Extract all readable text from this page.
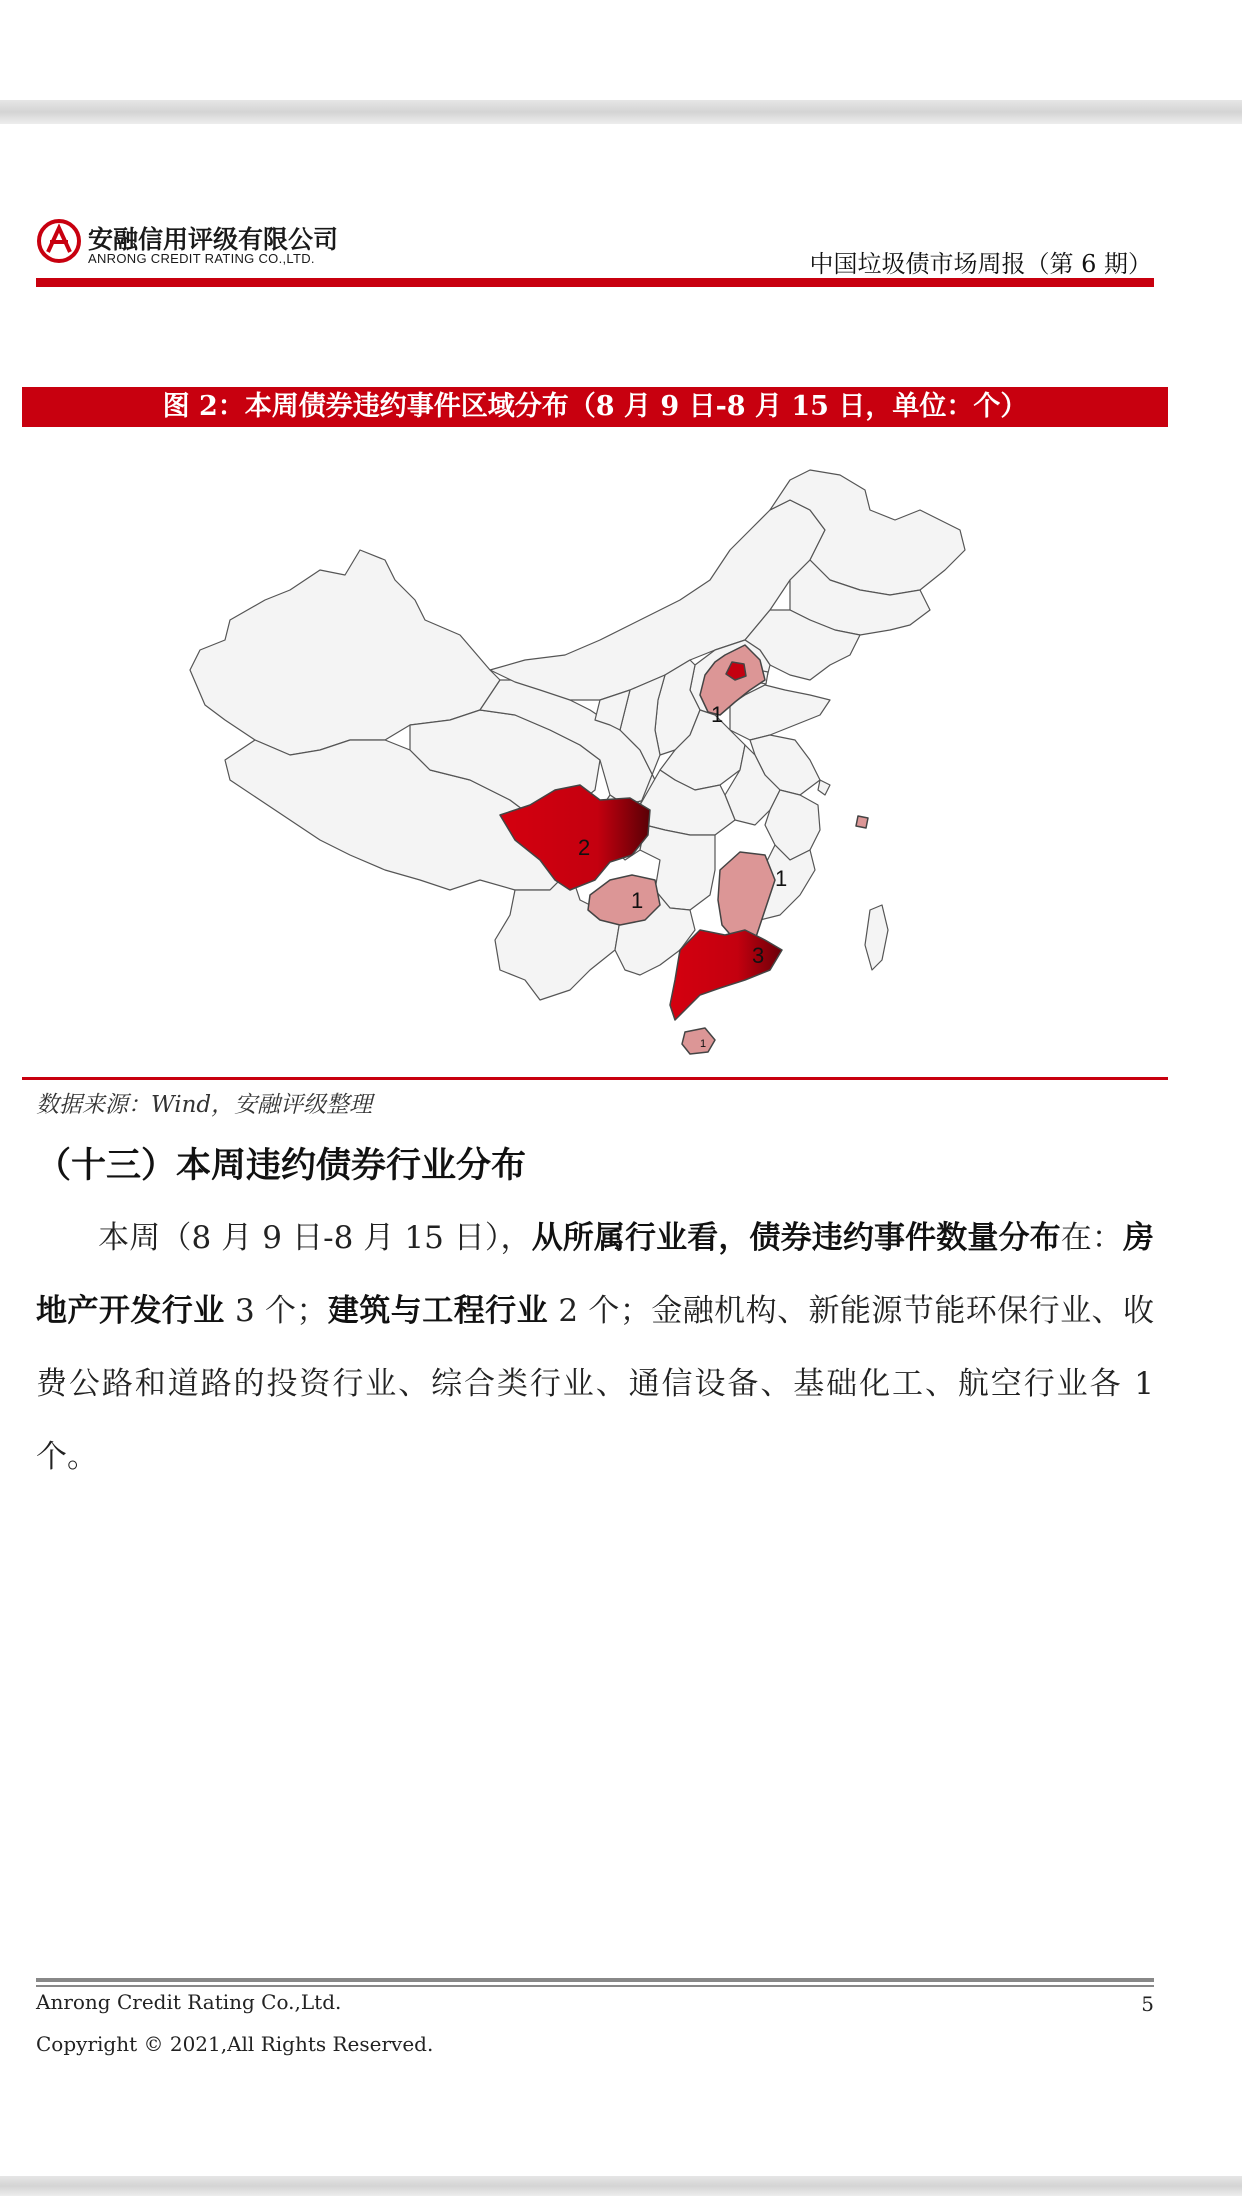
安融信用评级有限公司
ANRONG CREDIT RATING CO.,LTD.	中国垃圾债市场周报（第 6 期）
图 2：本周债券违约事件区域分布（8 月 9 日-8 月 15 日，单位：个）
1
2
1
1
3
1
数据来源：Wind，安融评级整理
（十三）本周违约债券行业分布
本周（8 月 9 日-8 月 15 日），从所属行业看，债券违约事件数量分布在：房地产开发行业 3 个；建筑与工程行业 2 个；金融机构、新能源节能环保行业、收费公路和道路的投资行业、综合类行业、通信设备、基础化工、航空行业各 1 个。
Anrong Credit Rating Co.,Ltd.	5
Copyright © 2021,All Rights Reserved.
